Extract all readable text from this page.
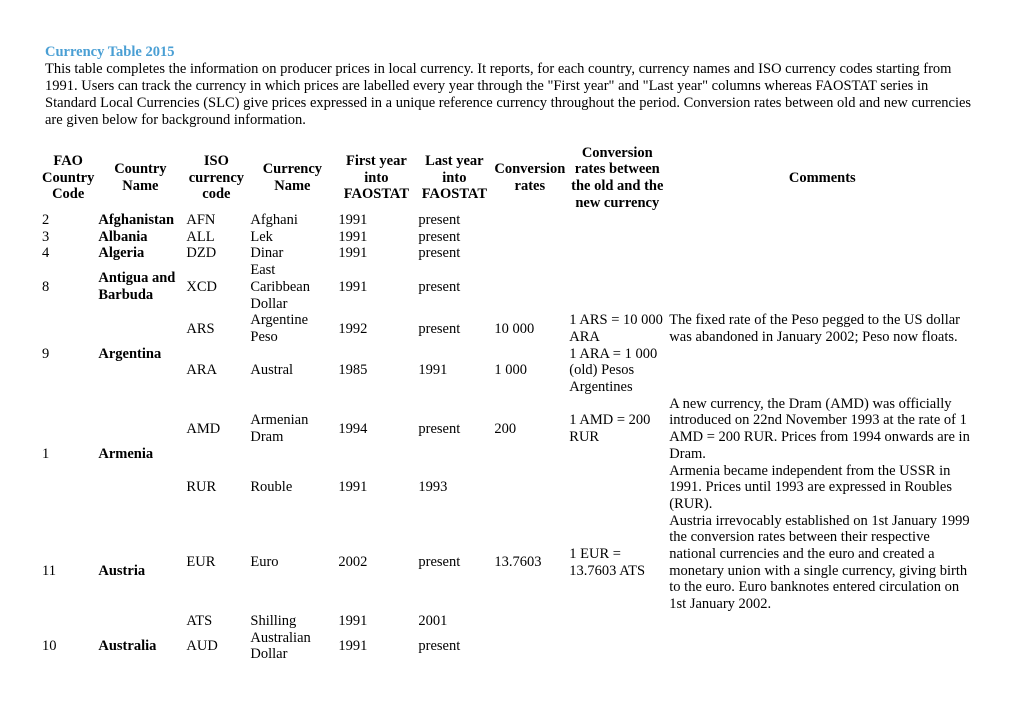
Currency Table 2015
This table completes the information on producer prices in local currency. It reports, for each country, currency names and ISO currency codes starting from 1991. Users can track the currency in which prices are labelled every year through the "First year" and "Last year" columns whereas FAOSTAT series in Standard Local Currencies (SLC) give prices expressed in a unique reference currency throughout the period. Conversion rates between old and new currencies are given below for background information.
FAO Country Code	Country Name	ISO currency code	Currency Name	First year into FAOSTAT	Last year into FAOSTAT	Conversion rates	Conversion rates between the old and the new currency	Comments
2	Afghanistan	AFN	Afghani	1991	present			
3	Albania	ALL	Lek	1991	present			
4	Algeria	DZD	Dinar	1991	present			
8	Antigua and Barbuda	XCD	East Caribbean Dollar	1991	present			
9	Argentina	ARS	Argentine Peso	1992	present	10 000	1 ARS = 10 000 ARA	The fixed rate of the Peso pegged to the US dollar was abandoned in January 2002; Peso now floats.
		ARA	Austral	1985	1991	1 000	1 ARA = 1 000 (old) Pesos Argentines	
1	Armenia	AMD	Armenian Dram	1994	present	200	1 AMD = 200 RUR	A new currency, the Dram (AMD) was officially introduced on 22nd November 1993 at the rate of 1 AMD = 200 RUR. Prices from 1994 onwards are in Dram.
		RUR	Rouble	1991	1993			Armenia became independent from the USSR in 1991. Prices until 1993 are expressed in Roubles (RUR).
11	Austria	EUR	Euro	2002	present	13.7603	1 EUR = 13.7603 ATS	Austria irrevocably established on 1st January 1999 the conversion rates between their respective national currencies and the euro and created a monetary union with a single currency, giving birth to the euro. Euro banknotes entered circulation on 1st January 2002.
		ATS	Shilling	1991	2001			
10	Australia	AUD	Australian Dollar	1991	present			
